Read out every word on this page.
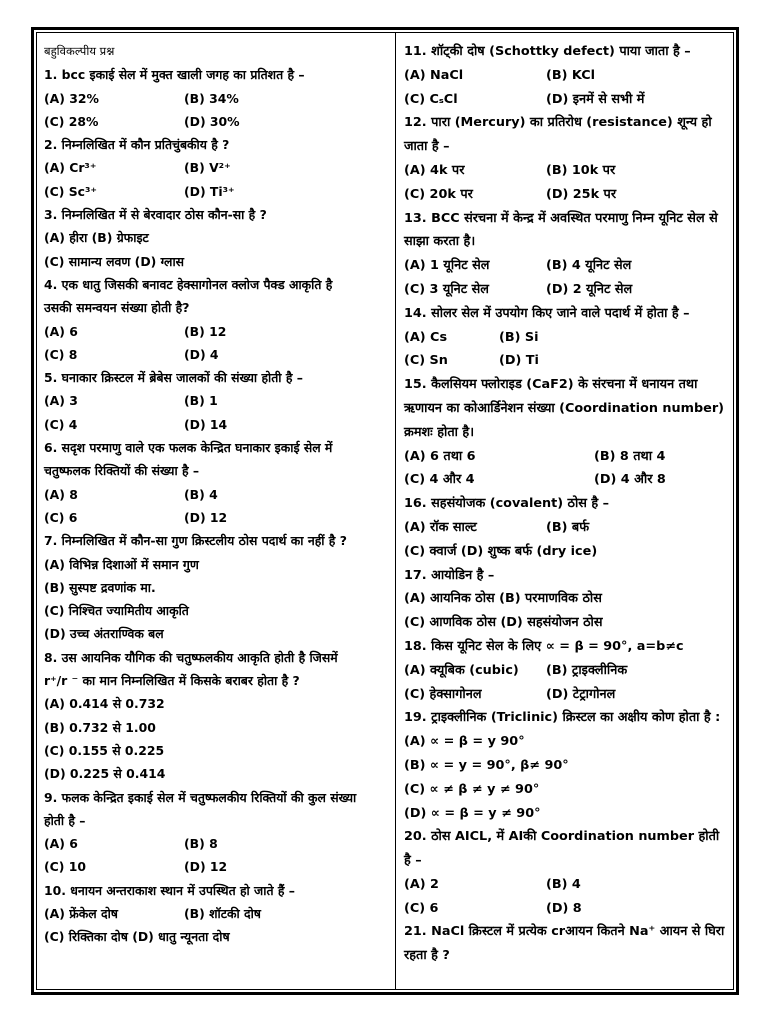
बहुविकल्पीय प्रश्न
1. bcc इकाई सेल में मुक्त खाली जगह का प्रतिशत है –
(A) 32%	(B) 34%
(C) 28%	(D) 30%
2. निम्नलिखित में कौन प्रतिचुंबकीय है ?
(A) Cr³⁺	(B) V²⁺
(C) Sc³⁺	(D) Ti³⁺
3. निम्नलिखित में से बेरवादार ठोस कौन-सा है ?
(A) हीरा (B) ग्रेफाइट
(C) सामान्य लवण (D) ग्लास
4. एक धातु जिसकी बनावट हेक्सागोनल क्लोज पैक्ड आकृति है
उसकी समन्वयन संख्या होती है?
(A) 6	(B) 12
(C) 8	(D) 4
5. घनाकार क्रिस्टल में ब्रेबेस जालकों की संख्या होती है –
(A) 3	(B) 1
(C) 4	(D) 14
6. सदृश परमाणु वाले एक फलक केन्द्रित घनाकार इकाई सेल में
चतुष्फलक रिक्तियों की संख्या है –
(A) 8	(B) 4
(C) 6	(D) 12
7. निम्नलिखित में कौन-सा गुण क्रिस्टलीय ठोस पदार्थ का नहीं है ?
(A) विभिन्न दिशाओं में समान गुण
(B) सुस्पष्ट द्रवणांक मा.
(C) निश्चित ज्यामितीय आकृति
(D) उच्च अंतराण्विक बल
8. उस आयनिक यौगिक की चतुष्फलकीय आकृति होती है जिसमें
r⁺/r ⁻ का मान निम्नलिखित में किसके बराबर होता है ?
(A) 0.414 से 0.732
(B) 0.732 से 1.00
(C) 0.155 से 0.225
(D) 0.225 से 0.414
9. फलक केन्द्रित इकाई सेल में चतुष्फलकीय रिक्तियों की कुल संख्या
होती है –
(A) 6	(B) 8
(C) 10	(D) 12
10. धनायन अन्तराकाश स्थान में उपस्थित हो जाते हैं –
(A) फ्रेंकेल दोष	(B) शॉटकी दोष
(C) रिक्तिका दोष (D) धातु न्यूनता दोष
11. शॉट्की दोष (Schottky defect) पाया जाता है –
(A) NaCl	(B) KCl
(C) CₛCl	(D) इनमें से सभी में
12. पारा (Mercury) का प्रतिरोध (resistance) शून्य हो
जाता है –
(A) 4k पर	(B) 10k पर
(C) 20k पर	(D) 25k पर
13. BCC संरचना में केन्द्र में अवस्थित परमाणु निम्न यूनिट सेल से
साझा करता है।
(A) 1 यूनिट सेल	(B) 4 यूनिट सेल
(C) 3 यूनिट सेल	(D) 2 यूनिट सेल
14. सोलर सेल में उपयोग किए जाने वाले पदार्थ में होता है –
(A) Cs	(B) Si
(C) Sn	(D) Ti
15. कैलसियम फ्लोराइड (CaF2) के संरचना में धनायन तथा
ऋणायन का कोआर्डिनेशन संख्या (Coordination number)
क्रमशः होता है।
(A) 6 तथा 6	(B) 8 तथा 4
(C) 4 और 4	(D) 4 और 8
16. सहसंयोजक (covalent) ठोस है –
(A) रॉक साल्ट	(B) बर्फ
(C) क्वार्ज (D) शुष्क बर्फ (dry ice)
17. आयोडिन है –
(A) आयनिक ठोस (B) परमाणविक ठोस
(C) आणविक ठोस (D) सहसंयोजन ठोस
18. किस यूनिट सेल के लिए ∝ = β = 90°, a=b≠c
(A) क्यूबिक (cubic) (B) ट्राइक्लीनिक
(C) हेक्सागोनल	(D) टेट्रागोनल
19. ट्राइक्लीनिक (Triclinic) क्रिस्टल का अक्षीय कोण होता है :
(A) ∝ = β = y 90°
(B) ∝ = y = 90°, β≠ 90°
(C) ∝ ≠ β ≠ y ≠ 90°
(D) ∝ = β = y ≠ 90°
20. ठोस AICL, में AIकी Coordination number होती
है –
(A) 2	(B) 4
(C) 6	(D) 8
21. NaCl क्रिस्टल में प्रत्येक crआयन कितने Na⁺ आयन से घिरा
रहता है ?
